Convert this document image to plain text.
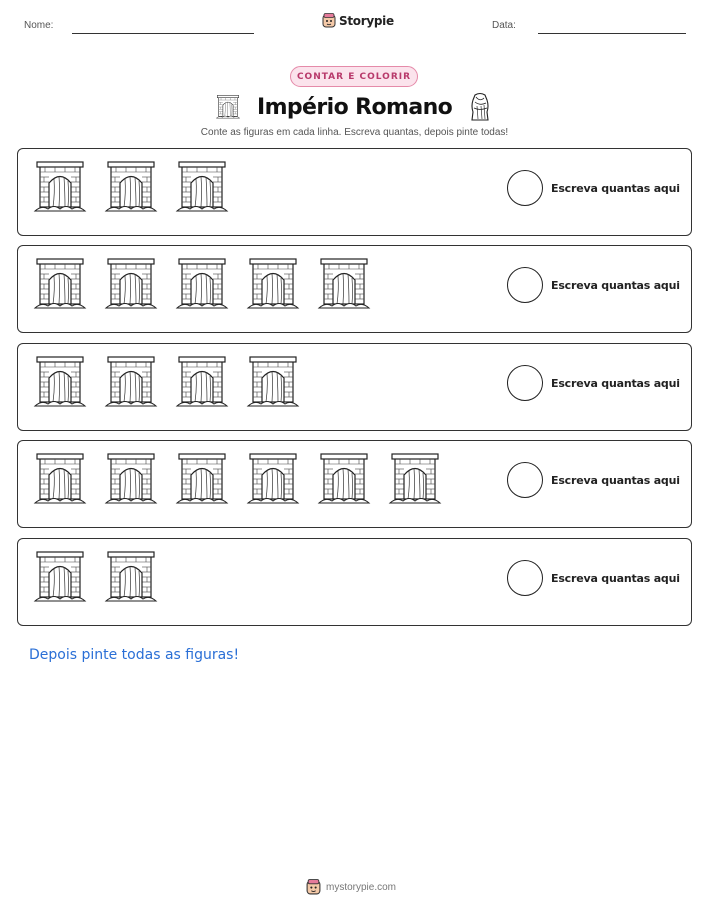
Nome:	Storypie	Data:
CONTAR E COLORIR
Império Romano
Conte as figuras em cada linha. Escreva quantas, depois pinte todas!
Escreva quantas aqui
Escreva quantas aqui
Escreva quantas aqui
Escreva quantas aqui
Escreva quantas aqui
Depois pinte todas as figuras!
mystorypie.com
